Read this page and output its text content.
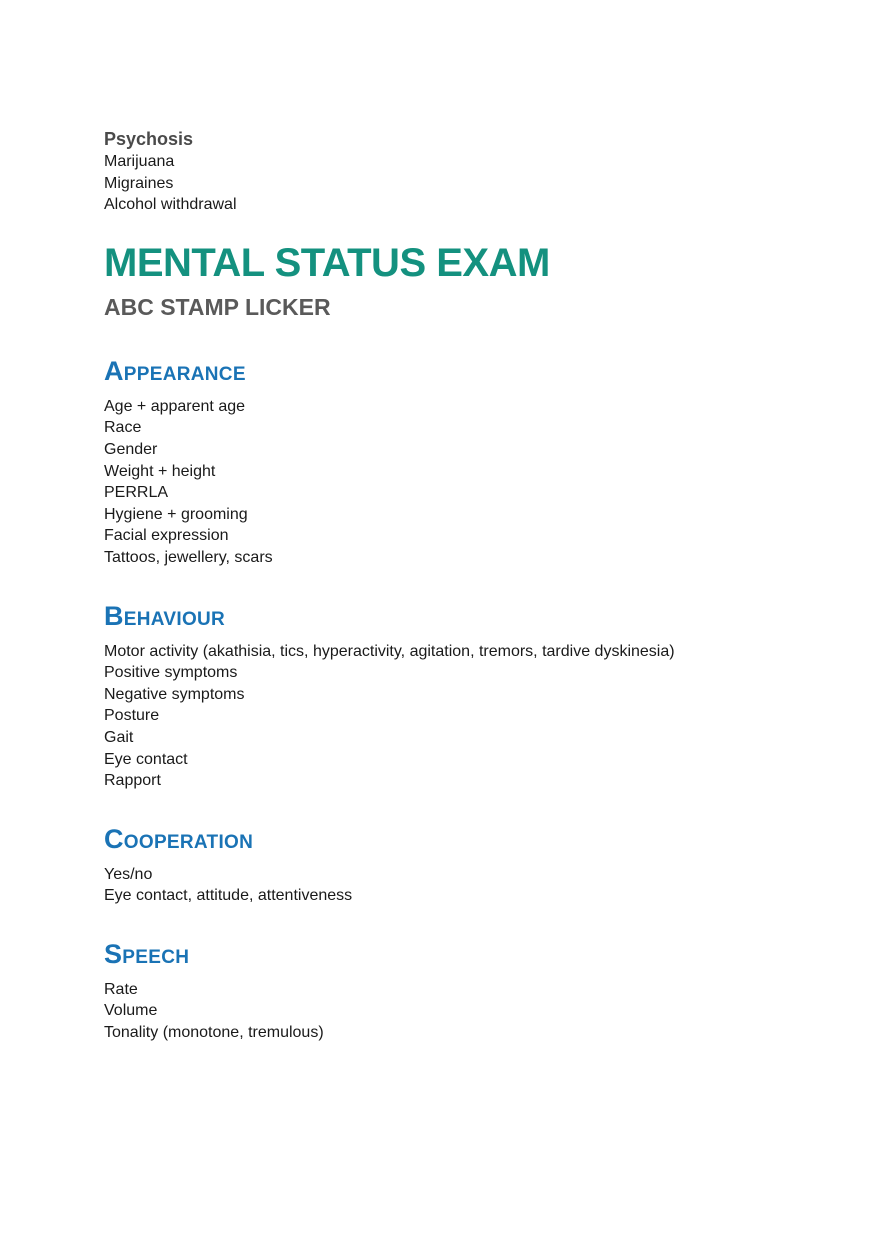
Psychosis

Marijuana

Migraines

Alcohol withdrawal

MENTAL STATUS EXAM
ABC STAMP LICKER
Appearance

Age + apparent age

Race

Gender

Weight + height

PERRLA

Hygiene + grooming

Facial expression

Tattoos, jewellery, scars

Behaviour

Motor activity (akathisia, tics, hyperactivity, agitation, tremors, tardive dyskinesia)

Positive symptoms

Negative symptoms

Posture

Gait

Eye contact

Rapport

Cooperation

Yes/no

Eye contact, attitude, attentiveness

Speech

Rate

Volume

Tonality (monotone, tremulous)
